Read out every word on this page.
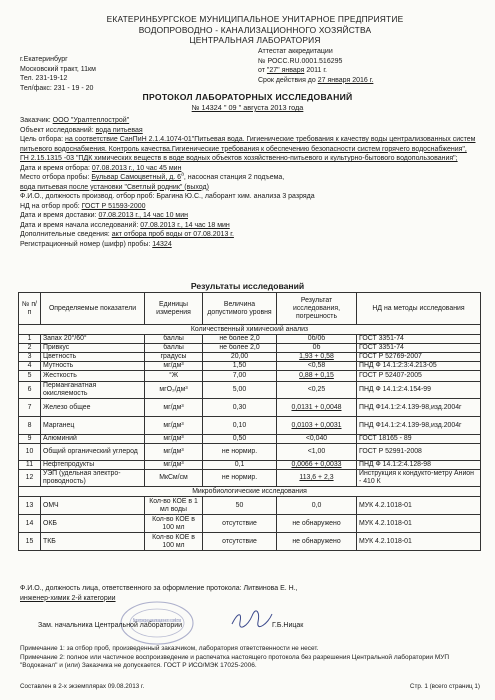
ЕКАТЕРИНБУРГСКОЕ МУНИЦИПАЛЬНОЕ УНИТАРНОЕ ПРЕДПРИЯТИЕ
ВОДОПРОВОДНО - КАНАЛИЗАЦИОННОГО ХОЗЯЙСТВА
ЦЕНТРАЛЬНАЯ ЛАБОРАТОРИЯ
г.Екатеринбург
Московский тракт, 11км
Тел. 231-19-12
Тел/факс: 231 - 19 - 20
Аттестат аккредитации
№ РОСС.RU.0001.516295
от "27" января 2011 г.
Срок действия до 27 января 2016 г.
ПРОТОКОЛ ЛАБОРАТОРНЫХ ИССЛЕДОВАНИЙ
№ 14324 " 09 " августа 2013 года
Заказчик: ООО "Уралтеплострой"
Объект исследований: вода питьевая
Цель отбора: на соответствие СанПиН 2.1.4.1074-01"Питьевая вода. Гигиенические требования к качеству воды централизованных систем питьевого водоснабжения. Контроль качества.Гигиенические требования к обеспечению безопасности систем горячего водоснабжения",
ГН 2.15.1315 -03 "ПДК химических веществ в воде водных объектов хозяйственно-питьевого и культурно-бытового водопользования";
Дата и время отбора: 07.08.2013 г., 10 час 45 мин
Место отбора пробы: Бульвар Самоцветный, д. $6^а$, насосная станция 2 подъема,
вода питьевая после установки "Светлый родник" (выход)
Ф.И.О., должность производ. отбор проб: Брагина Ю.С., лаборант хим. анализа 3 разряда
НД на отбор проб: ГОСТ Р 51593-2000
Дата и время доставки: 07.08.2013 г., 14 час 10 мин
Дата и время начала исследований: 07.08.2013 г., 14 час 18 мин
Дополнительные сведения: акт отбора проб воды от 07.08.2013 г.
Регистрационный номер (шифр) пробы: 14324
Результаты исследований
№ п/п	Определяемые показатели	Единицы измерения	Величина допустимого уровня	Результат исследования, погрешность	НД на методы исследования
Количественный химический анализ					
1	Запах 20°/60°	баллы	не более 2,0	0б/0б	ГОСТ 3351-74
2	Привкус	баллы	не более 2,0	0б	ГОСТ 3351-74
3	Цветность	градусы	20,00	1,93 + 0,58	ГОСТ Р 52769-2007
4	Мутность	мг/дм³	1,50	<0,58	ПНД Ф 14.1:2:3:4.213-05
5	Жесткость	°Ж	7,00	0,88 + 0,15	ГОСТ Р 52407-2005
6	Перманганатная окисляемость	мгО₂/дм³	5,00	<0,25	ПНД Ф 14.1:2:4.154-99
7	Железо общее	мг/дм³	0,30	0,0131 + 0,0048	ПНД Ф14.1:2:4.139-98,изд.2004г
8	Марганец	мг/дм³	0,10	0,0103 + 0,0031	ПНД Ф14.1:2:4.139-98,изд.2004г
9	Алюминий	мг/дм³	0,50	<0,040	ГОСТ 18165 - 89
10	Общий органический углерод	мг/дм³	не нормир.	<1,00	ГОСТ Р 52991-2008
11	Нефтепродукты	мг/дм³	0,1	0,0066 + 0,0033	ПНД Ф 14.1:2:4.128-98
12	УЭП (удельная электро-проводность)	МкСм/см	не нормир.	113,6 + 2,3	Инструкция к кондукто-метру Анион - 410 К
Микробиологические исследования					
13	ОМЧ	Кол-во КОЕ в 1 мл воды	50	0,0	МУК 4.2.1018-01
14	ОКБ	Кол-во КОЕ в 100 мл	отсутствие	не обнаружено	МУК 4.2.1018-01
15	ТКБ	Кол-во КОЕ в 100 мл	отсутствие	не обнаружено	МУК 4.2.1018-01
Ф.И.О., должность лица, ответственного за оформление протокола: Литвинова Е. Н.,
инженер-химик 2-й категории
Водопроводно-канализационного хозяйства
Зам. начальника Центральной лаборатории	Г.Б.Ницак
Примечание 1: за отбор проб, произведенный заказчиком, лаборатория ответственности не несет.
Примечание 2: полное или частичное воспроизведение и распечатка настоящего протокола без разрешения Центральной лаборатории МУП "Водоканал" и (или) Заказчика не допускается. ГОСТ Р ИСО/МЭК 17025-2006.
Составлен в 2-х экземплярах 09.08.2013 г.	Стр. 1 (всего страниц 1)
